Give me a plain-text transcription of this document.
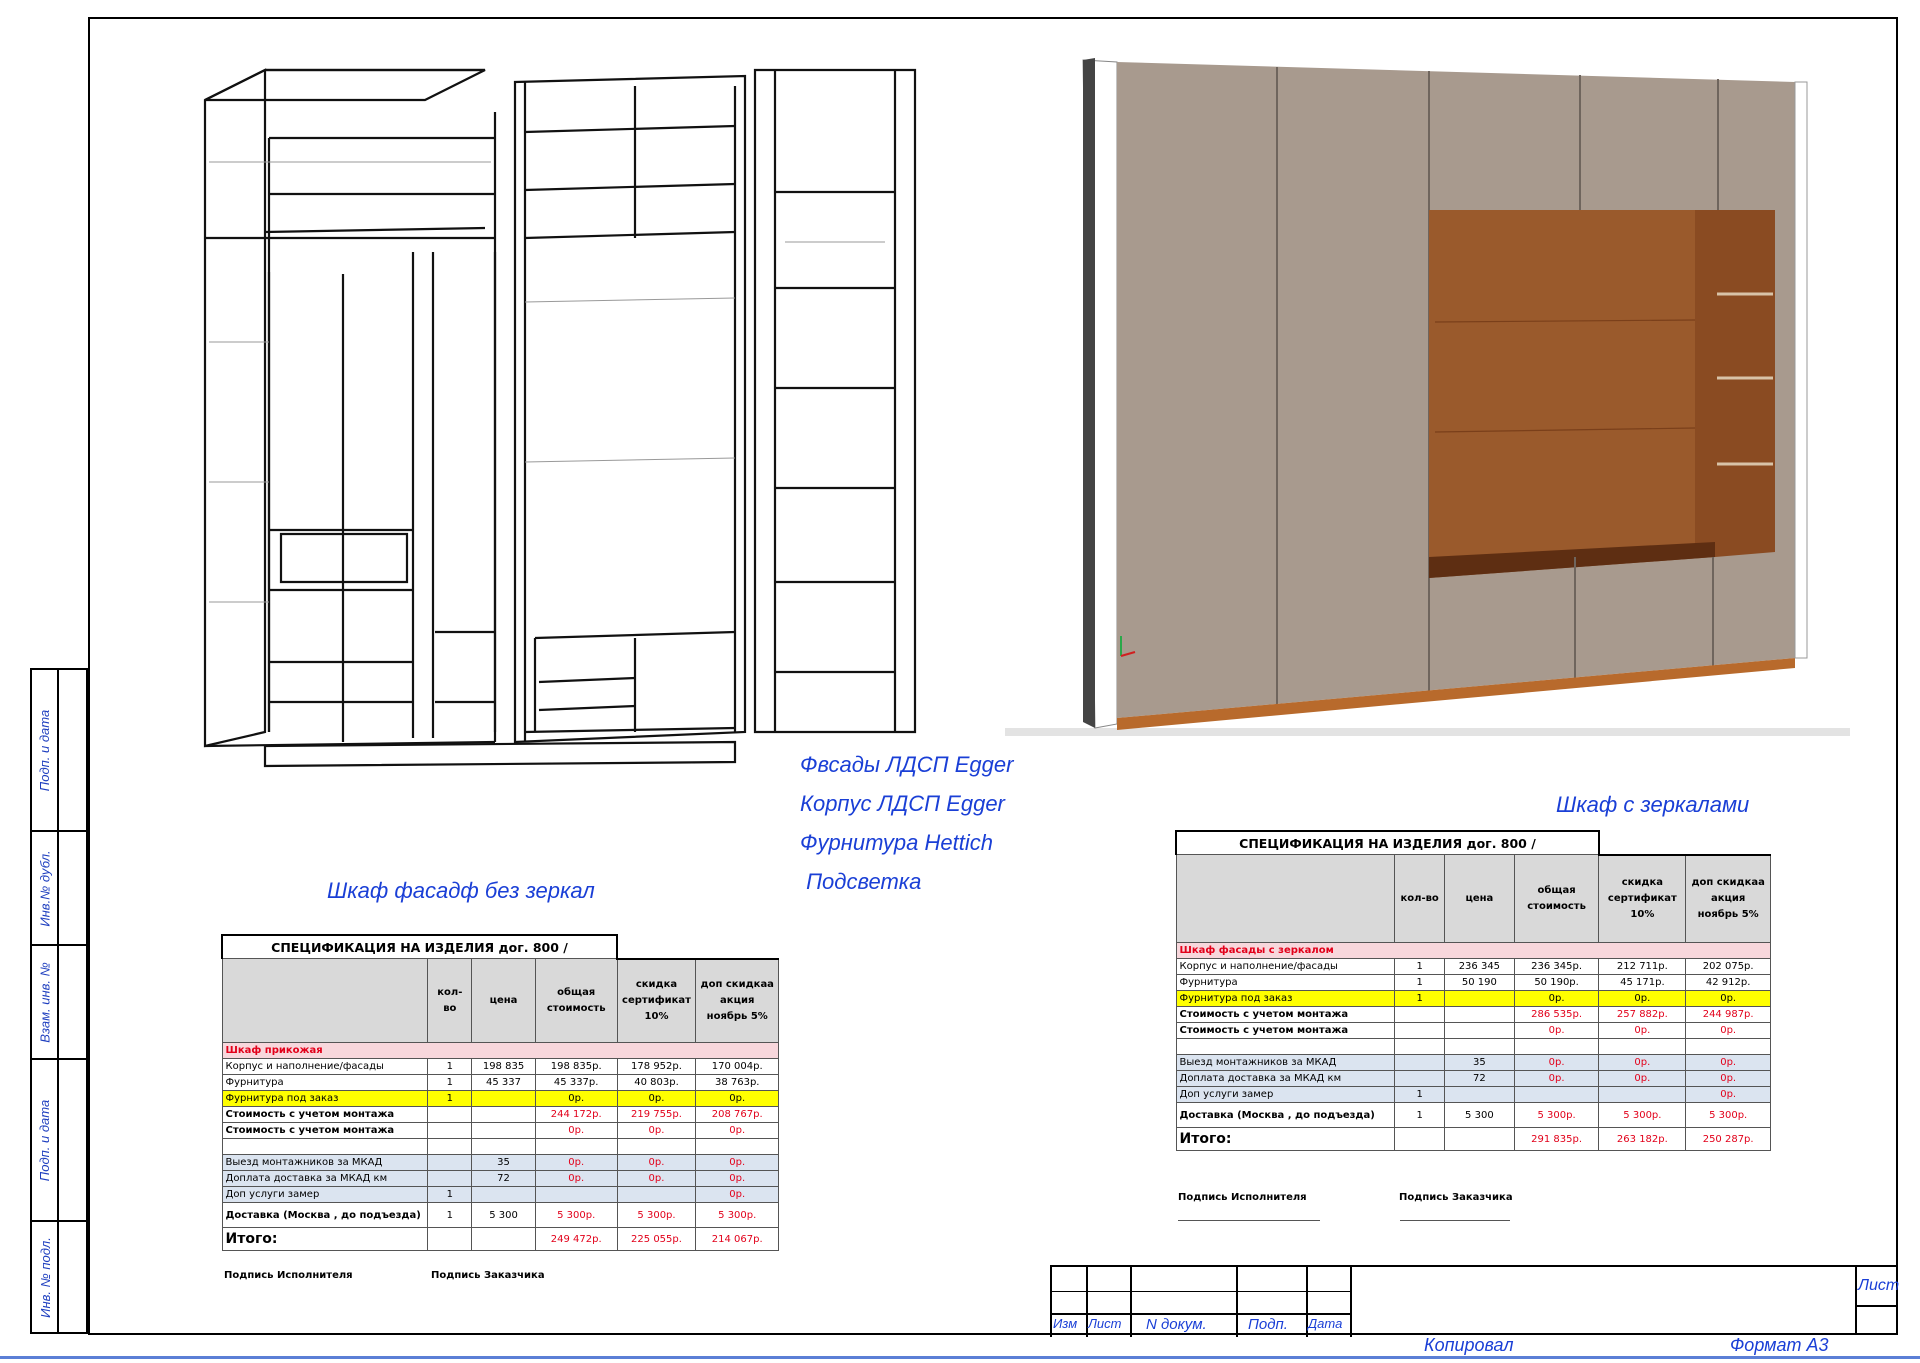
Подп. и дата
Инв.№ дубл.
Взам. инв. №
Подп. и дата
Инв. № подл.
Шкаф фасадф без зеркал
Шкаф с зеркалами
Фвсады ЛДСП Egger
Корпус ЛДСП Egger
Фурнитура Hettich
Подсветка
СПЕЦИФИКАЦИЯ НА ИЗДЕЛИЯ дог. 800 /					
	кол-во	цена	общая стоимость	скидка сертификат 10%	доп скидкаа акция ноябрь 5%
Шкаф прикожая					
Корпус и наполнение/фасады	1	198 835	198 835р.	178 952р.	170 004р.
Фурнитура	1	45 337	45 337р.	40 803р.	38 763р.
Фурнитура под заказ	1		0р.	0р.	0р.
Стоимость с учетом монтажа			244 172р.	219 755р.	208 767р.
Стоимость с учетом монтажа			0р.	0р.	0р.

Выезд монтажников за МКАД		35	0р.	0р.	0р.
Доплата доставка за МКАД км		72	0р.	0р.	0р.
Доп услуги замер	1				0р.
Доставка (Москва , до подъезда)	1	5 300	5 300р.	5 300р.	5 300р.
Итого:			249 472р.	225 055р.	214 067р.
Подпись Исполнителя	Подпись Заказчика
СПЕЦИФИКАЦИЯ НА ИЗДЕЛИЯ дог. 800 /					
	кол-во	цена	общая стоимость	скидка сертификат 10%	доп скидкаа акция ноябрь 5%
Шкаф фасады с зеркалом					
Корпус и наполнение/фасады	1	236 345	236 345р.	212 711р.	202 075р.
Фурнитура	1	50 190	50 190р.	45 171р.	42 912р.
Фурнитура под заказ	1		0р.	0р.	0р.
Стоимость с учетом монтажа			286 535р.	257 882р.	244 987р.
Стоимость с учетом монтажа			0р.	0р.	0р.

Выезд монтажников за МКАД		35	0р.	0р.	0р.
Доплата доставка за МКАД км		72	0р.	0р.	0р.
Доп услуги замер	1				0р.
Доставка (Москва , до подъезда)	1	5 300	5 300р.	5 300р.	5 300р.
Итого:			291 835р.	263 182р.	250 287р.
Подпись Исполнителя	Подпись Заказчика
Изм Лист N докум.	Подп. Дата
Лист
Копировал	Формат А3
